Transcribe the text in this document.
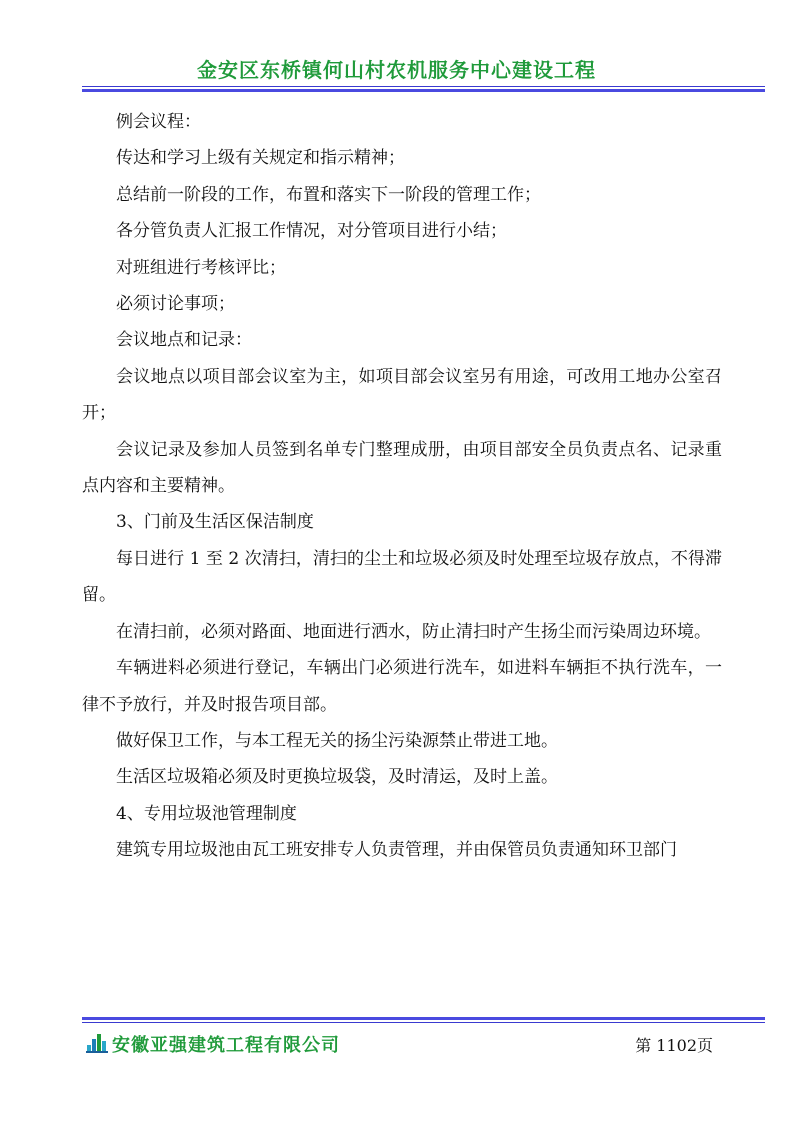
金安区东桥镇何山村农机服务中心建设工程

例会议程：

传达和学习上级有关规定和指示精神；

总结前一阶段的工作，布置和落实下一阶段的管理工作；

各分管负责人汇报工作情况，对分管项目进行小结；

对班组进行考核评比；

必须讨论事项；

会议地点和记录：

会议地点以项目部会议室为主，如项目部会议室另有用途，可改用工地办公室召开；

会议记录及参加人员签到名单专门整理成册，由项目部安全员负责点名、记录重点内容和主要精神。

3、门前及生活区保洁制度

每日进行 1 至 2 次清扫，清扫的尘土和垃圾必须及时处理至垃圾存放点，不得滞留。

在清扫前，必须对路面、地面进行洒水，防止清扫时产生扬尘而污染周边环境。

车辆进料必须进行登记，车辆出门必须进行洗车，如进料车辆拒不执行洗车，一律不予放行，并及时报告项目部。

做好保卫工作，与本工程无关的扬尘污染源禁止带进工地。

生活区垃圾箱必须及时更换垃圾袋，及时清运，及时上盖。

4、专用垃圾池管理制度

建筑专用垃圾池由瓦工班安排专人负责管理，并由保管员负责通知环卫部门

安徽亚强建筑工程有限公司	第 1102页
